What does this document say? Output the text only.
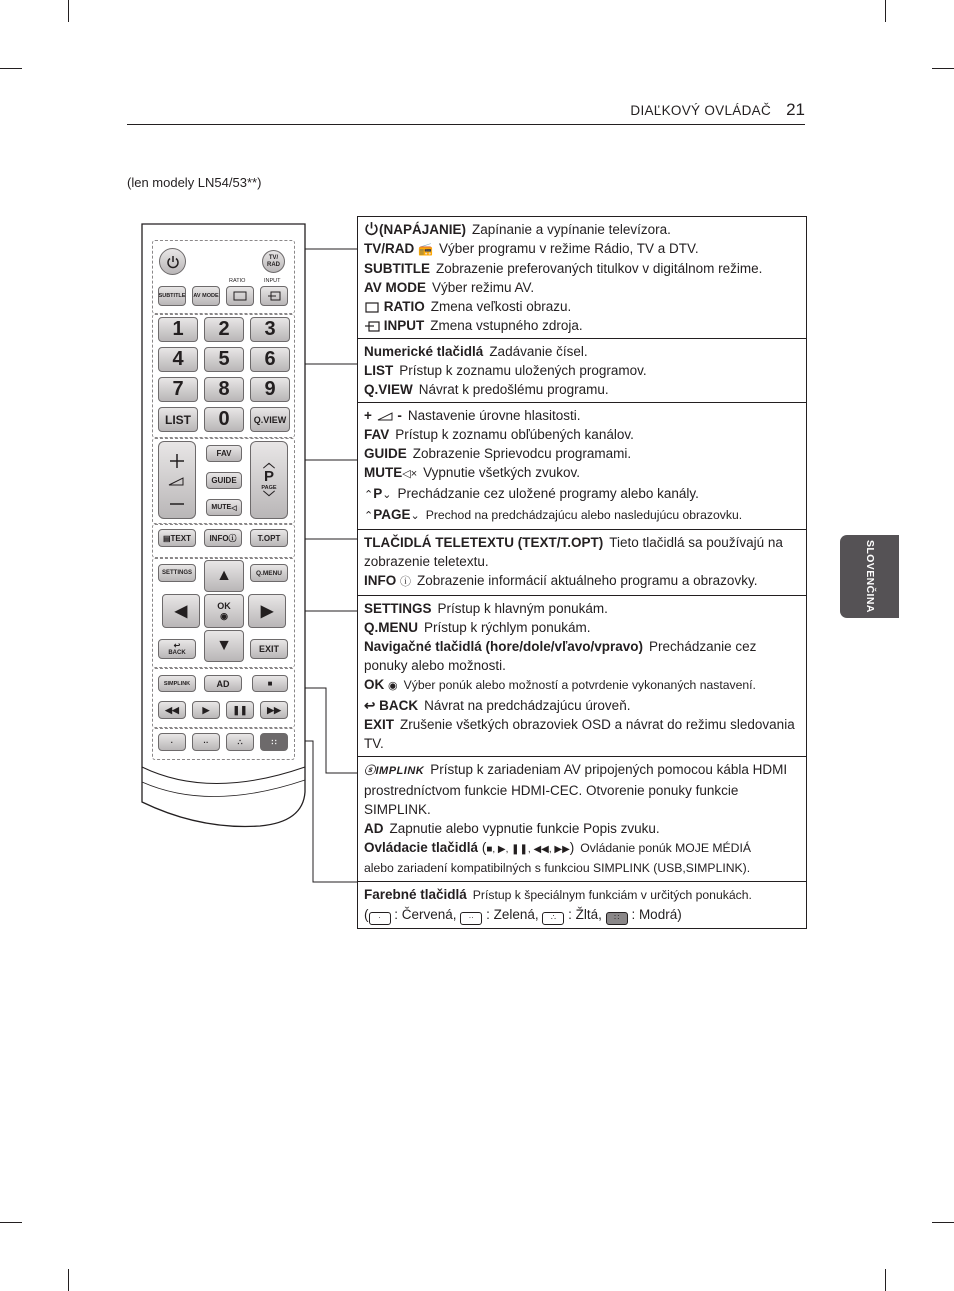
DIAĽKOVÝ OVLÁDAČ 21
(len modely LN54/53**)
SLOVENČINA
TV/
RAD
RATIO	INPUT
SUBTITLE AV MODE
1	2	3
4	5	6
7	8	9
LIST	0	Q.VIEW
FAV
GUIDE
MUTE ◁
︿
P
PAGE
﹀
▤ TEXT INFO ⓘ	T.OPT
SETTINGS	Q.MENU
▲
◀	OK
◉ ▶
▼
↩
BACK	EXIT
SIMPLINK	AD	■
◀◀	▶	❚❚ ▶▶
·	··	∴	∷
(NAPÁJANIE) Zapínanie a vypínanie televízora.
TV/RAD 📻 Výber programu v režime Rádio, TV a DTV.
SUBTITLE Zobrazenie preferovaných titulkov v digitálnom režime.
AV MODE Výber režimu AV.
RATIO Zmena veľkosti obrazu.
INPUT Zmena vstupného zdroja.
Numerické tlačidlá Zadávanie čísel.
LIST Prístup k zoznamu uložených programov.
Q.VIEW Návrat k predošlému programu.
+ - Nastavenie úrovne hlasitosti.
FAV Prístup k zoznamu obľúbených kanálov.
GUIDE Zobrazenie Sprievodcu programami.
MUTE◁× Vypnutie všetkých zvukov.
⌃P⌄ Prechádzanie cez uložené programy alebo kanály.
⌃PAGE⌄ Prechod na predchádzajúcu alebo nasledujúcu obrazovku.
TLAČIDLÁ TELETEXTU (TEXT/T.OPT) Tieto tlačidlá sa používajú na zobrazenie teletextu.
INFO ⓘ Zobrazenie informácií aktuálneho programu a obrazovky.
SETTINGS Prístup k hlavným ponukám.
Q.MENU Prístup k rýchlym ponukám.
Navigačné tlačidlá (hore/dole/vľavo/vpravo) Prechádzanie cez ponuky alebo možnosti.
OK ◉ Výber ponúk alebo možností a potvrdenie vykonaných nastavení.
↩ BACK Návrat na predchádzajúcu úroveň.
EXIT Zrušenie všetkých obrazoviek OSD a návrat do režimu sledovania TV.
ⓢIMPLINK Prístup k zariadeniam AV pripojených pomocou kábla HDMI prostredníctvom funkcie HDMI-CEC. Otvorenie ponuky funkcie SIMPLINK.
AD Zapnutie alebo vypnutie funkcie Popis zvuku.
Ovládacie tlačidlá (■, ▶, ❚❚, ◀◀, ▶▶) Ovládanie ponúk MOJE MÉDIÁ
alebo zariadení kompatibilných s funkciou SIMPLINK (USB,SIMPLINK).
Farebné tlačidlá Prístup k špeciálnym funkciám v určitých ponukách.
( · : Červená, ·· : Zelená, ∴ : Žltá, ∷ : Modrá)
